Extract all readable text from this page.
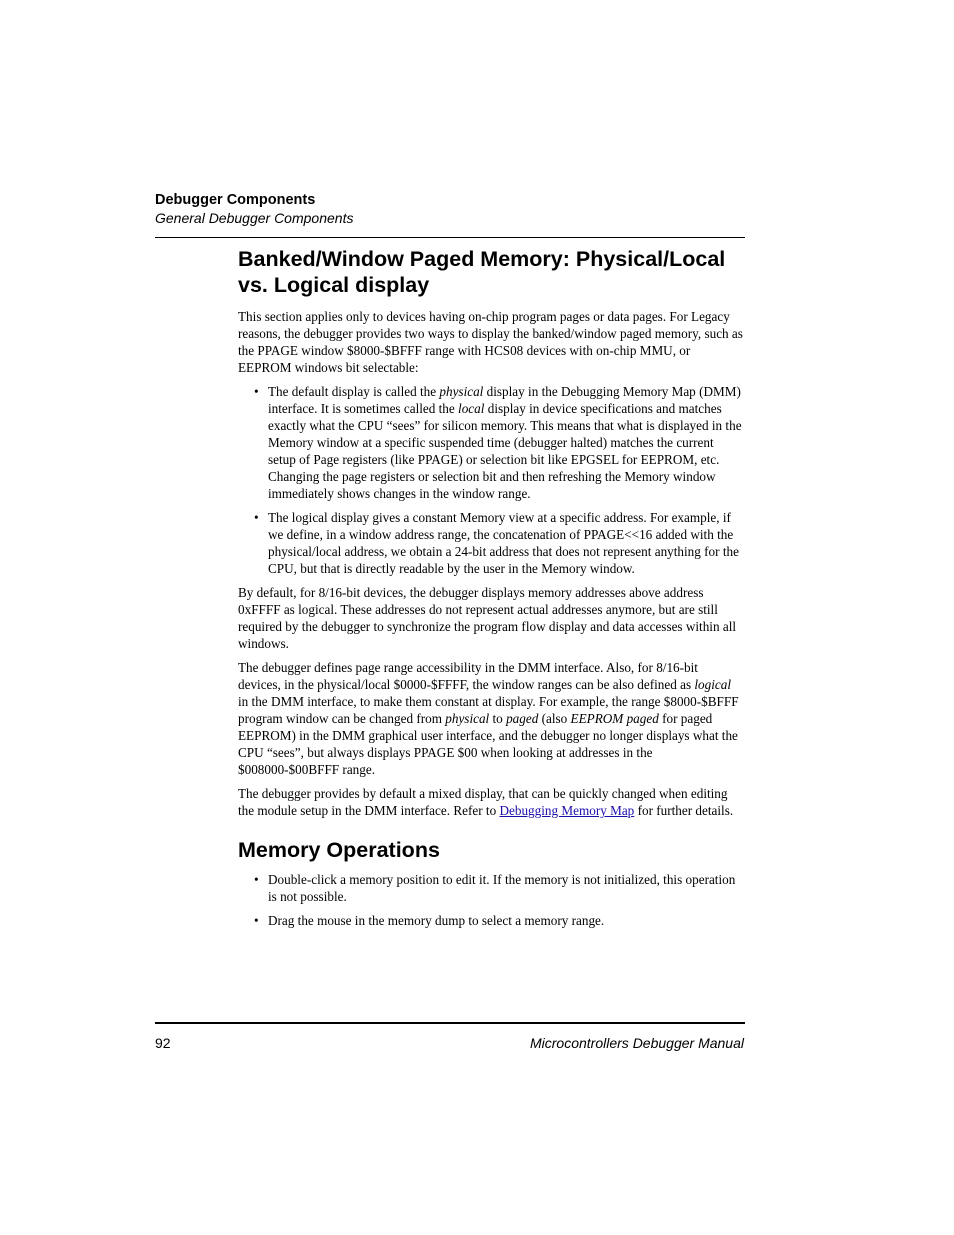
Debugger Components
General Debugger Components
Banked/Window Paged Memory: Physical/Local vs. Logical display

This section applies only to devices having on-chip program pages or data pages. For Legacy reasons, the debugger provides two ways to display the banked/window paged memory, such as the PPAGE window $8000-$BFFF range with HCS08 devices with on-chip MMU, or EEPROM windows bit selectable:

• The default display is called the physical display in the Debugging Memory Map (DMM) interface. It is sometimes called the local display in device specifications and matches exactly what the CPU “sees” for silicon memory. This means that what is displayed in the Memory window at a specific suspended time (debugger halted) matches the current setup of Page registers (like PPAGE) or selection bit like EPGSEL for EEPROM, etc. Changing the page registers or selection bit and then refreshing the Memory window immediately shows changes in the window range.
• The logical display gives a constant Memory view at a specific address. For example, if we define, in a window address range, the concatenation of PPAGE<<16 added with the physical/local address, we obtain a 24-bit address that does not represent anything for the CPU, but that is directly readable by the user in the Memory window.

By default, for 8/16-bit devices, the debugger displays memory addresses above address 0xFFFF as logical. These addresses do not represent actual addresses anymore, but are still required by the debugger to synchronize the program flow display and data accesses within all windows.

The debugger defines page range accessibility in the DMM interface. Also, for 8/16-bit devices, in the physical/local $0000-$FFFF, the window ranges can be also defined as logical in the DMM interface, to make them constant at display. For example, the range $8000-$BFFF program window can be changed from physical to paged (also EEPROM paged for paged EEPROM) in the DMM graphical user interface, and the debugger no longer displays what the CPU “sees”, but always displays PPAGE $00 when looking at addresses in the $008000-$00BFFF range.

The debugger provides by default a mixed display, that can be quickly changed when editing the module setup in the DMM interface. Refer to Debugging Memory Map for further details.

Memory Operations
• Double-click a memory position to edit it. If the memory is not initialized, this operation is not possible.
• Drag the mouse in the memory dump to select a memory range.
92	Microcontrollers Debugger Manual
